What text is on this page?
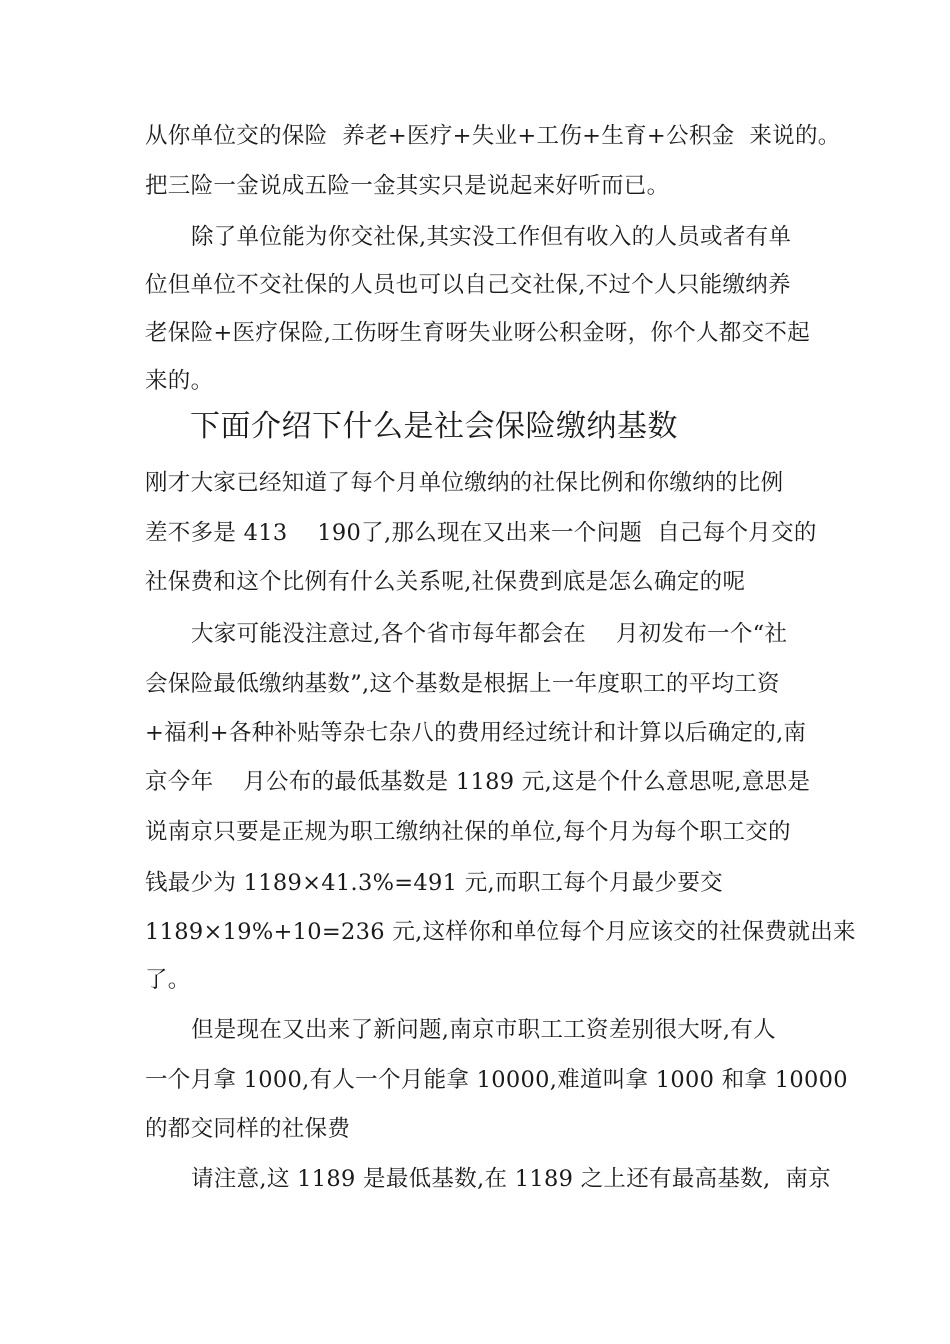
从你单位交的保险  养老+医疗+失业+工伤+生育+公积金  来说的。
把三险一金说成五险一金其实只是说起来好听而已。
除了单位能为你交社保,其实没工作但有收入的人员或者有单
位但单位不交社保的人员也可以自己交社保,不过个人只能缴纳养
老保险+医疗保险,工伤呀生育呀失业呀公积金呀，你个人都交不起
来的。
下面介绍下什么是社会保险缴纳基数
刚才大家已经知道了每个月单位缴纳的社保比例和你缴纳的比例
差不多是 413    190了,那么现在又出来一个问题  自己每个月交的
社保费和这个比例有什么关系呢,社保费到底是怎么确定的呢
大家可能没注意过,各个省市每年都会在    月初发布一个“社
会保险最低缴纳基数”,这个基数是根据上一年度职工的平均工资
+福利+各种补贴等杂七杂八的费用经过统计和计算以后确定的,南
京今年    月公布的最低基数是 1189 元,这是个什么意思呢,意思是
说南京只要是正规为职工缴纳社保的单位,每个月为每个职工交的
钱最少为 1189×41.3%=491 元,而职工每个月最少要交
1189×19%+10=236 元,这样你和单位每个月应该交的社保费就出来
了。
但是现在又出来了新问题,南京市职工工资差别很大呀,有人
一个月拿 1000,有人一个月能拿 10000,难道叫拿 1000 和拿 10000
的都交同样的社保费
请注意,这 1189 是最低基数,在 1189 之上还有最高基数,  南京
